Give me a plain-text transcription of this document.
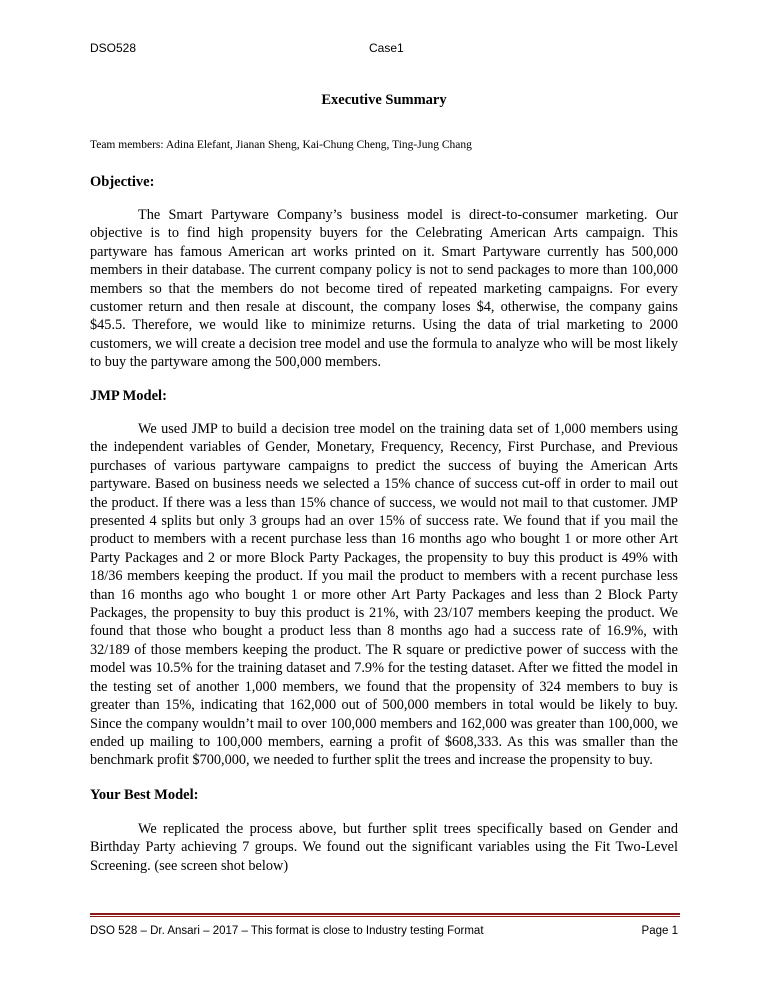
DSO528	Case1
Executive Summary
Team members: Adina Elefant, Jianan Sheng, Kai-Chung Cheng, Ting-Jung Chang
Objective:

The Smart Partyware Company’s business model is direct-to-consumer marketing. Our objective is to find high propensity buyers for the Celebrating American Arts campaign. This partyware has famous American art works printed on it. Smart Partyware currently has 500,000 members in their database. The current company policy is not to send packages to more than 100,000 members so that the members do not become tired of repeated marketing campaigns. For every customer return and then resale at discount, the company loses $4, otherwise, the company gains $45.5. Therefore, we would like to minimize returns. Using the data of trial marketing to 2000 customers, we will create a decision tree model and use the formula to analyze who will be most likely to buy the partyware among the 500,000 members.

JMP Model:

We used JMP to build a decision tree model on the training data set of 1,000 members using the independent variables of Gender, Monetary, Frequency, Recency, First Purchase, and Previous purchases of various partyware campaigns to predict the success of buying the American Arts partyware. Based on business needs we selected a 15% chance of success cut-off in order to mail out the product. If there was a less than 15% chance of success, we would not mail to that customer. JMP presented 4 splits but only 3 groups had an over 15% of success rate. We found that if you mail the product to members with a recent purchase less than 16 months ago who bought 1 or more other Art Party Packages and 2 or more Block Party Packages, the propensity to buy this product is 49% with 18/36 members keeping the product. If you mail the product to members with a recent purchase less than 16 months ago who bought 1 or more other Art Party Packages and less than 2 Block Party Packages, the propensity to buy this product is 21%, with 23/107 members keeping the product. We found that those who bought a product less than 8 months ago had a success rate of 16.9%, with 32/189 of those members keeping the product. The R square or predictive power of success with the model was 10.5% for the training dataset and 7.9% for the testing dataset. After we fitted the model in the testing set of another 1,000 members, we found that the propensity of 324 members to buy is greater than 15%, indicating that 162,000 out of 500,000 members in total would be likely to buy. Since the company wouldn’t mail to over 100,000 members and 162,000 was greater than 100,000, we ended up mailing to 100,000 members, earning a profit of $608,333. As this was smaller than the benchmark profit $700,000, we needed to further split the trees and increase the propensity to buy.

Your Best Model:

We replicated the process above, but further split trees specifically based on Gender and Birthday Party achieving 7 groups. We found out the significant variables using the Fit Two-Level Screening. (see screen shot below)

DSO 528 – Dr. Ansari – 2017 – This format is close to Industry testing Format	Page 1
